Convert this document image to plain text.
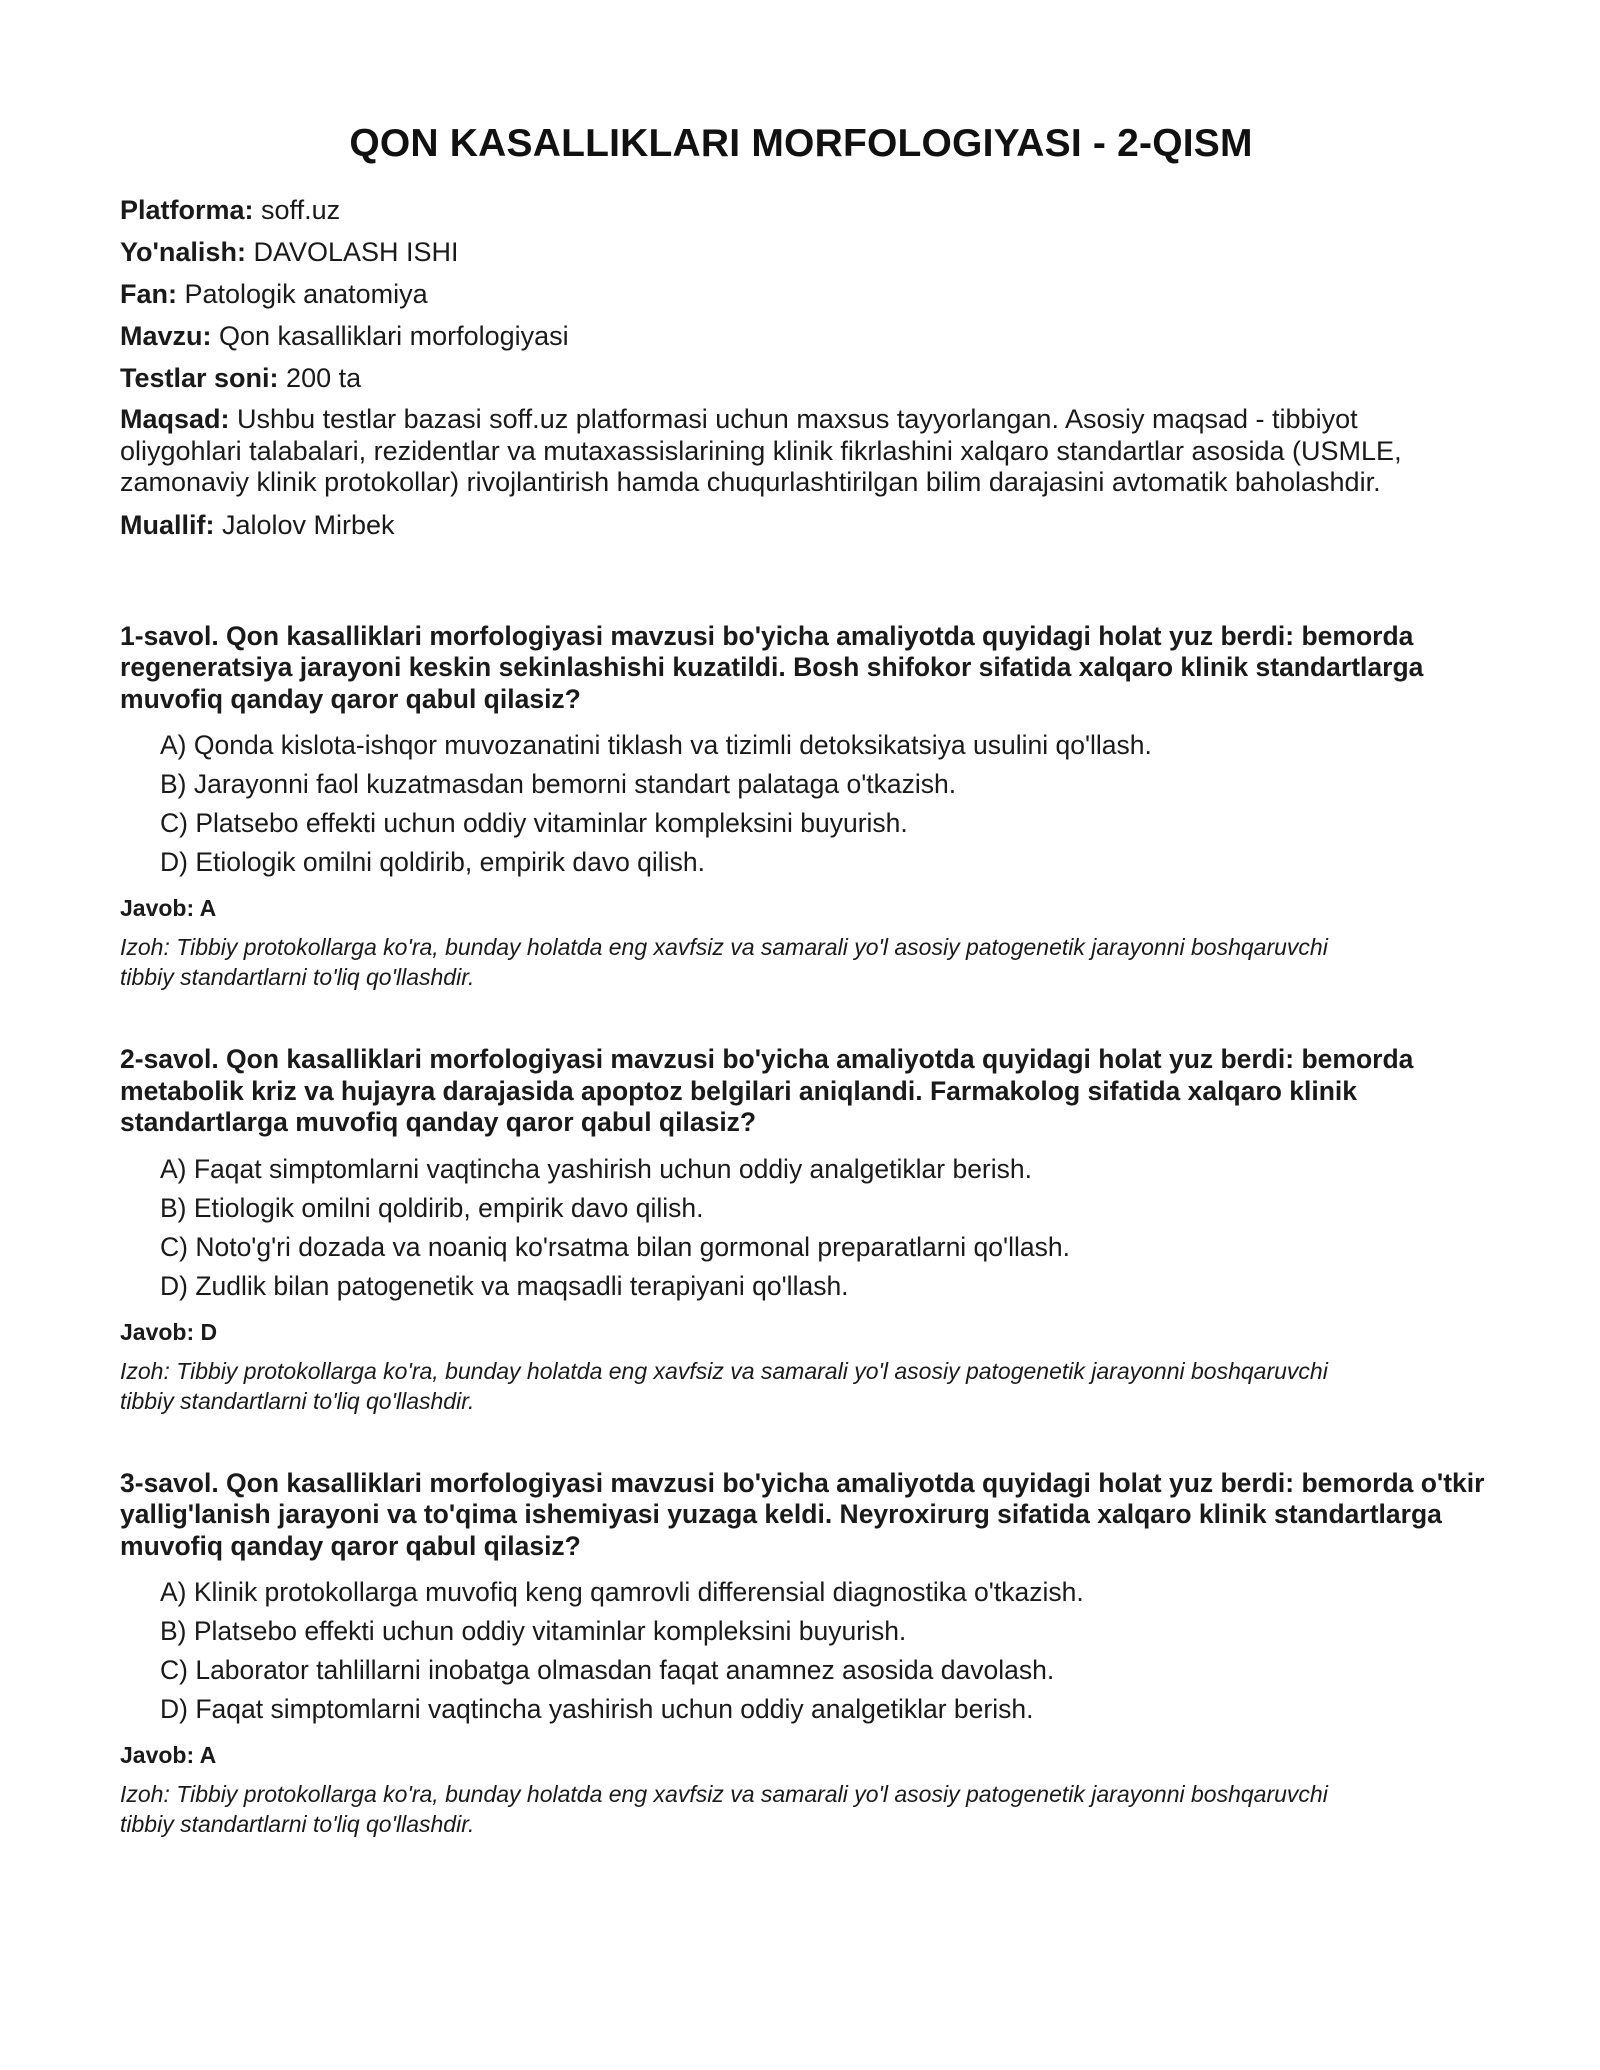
QON KASALLIKLARI MORFOLOGIYASI - 2-QISM
Platforma: soff.uz
Yo'nalish: DAVOLASH ISHI
Fan: Patologik anatomiya
Mavzu: Qon kasalliklari morfologiyasi
Testlar soni: 200 ta
Maqsad: Ushbu testlar bazasi soff.uz platformasi uchun maxsus tayyorlangan. Asosiy maqsad - tibbiyot oliygohlari talabalari, rezidentlar va mutaxassislarining klinik fikrlashini xalqaro standartlar asosida (USMLE, zamonaviy klinik protokollar) rivojlantirish hamda chuqurlashtirilgan bilim darajasini avtomatik baholashdir.
Muallif: Jalolov Mirbek
1-savol. Qon kasalliklari morfologiyasi mavzusi bo'yicha amaliyotda quyidagi holat yuz berdi: bemorda regeneratsiya jarayoni keskin sekinlashishi kuzatildi. Bosh shifokor sifatida xalqaro klinik standartlarga muvofiq qanday qaror qabul qilasiz?
A) Qonda kislota-ishqor muvozanatini tiklash va tizimli detoksikatsiya usulini qo'llash.
B) Jarayonni faol kuzatmasdan bemorni standart palataga o'tkazish.
C) Platsebo effekti uchun oddiy vitaminlar kompleksini buyurish.
D) Etiologik omilni qoldirib, empirik davo qilish.
Javob: A
Izoh: Tibbiy protokollarga ko'ra, bunday holatda eng xavfsiz va samarali yo'l asosiy patogenetik jarayonni boshqaruvchi tibbiy standartlarni to'liq qo'llashdir.
2-savol. Qon kasalliklari morfologiyasi mavzusi bo'yicha amaliyotda quyidagi holat yuz berdi: bemorda metabolik kriz va hujayra darajasida apoptoz belgilari aniqlandi. Farmakolog sifatida xalqaro klinik standartlarga muvofiq qanday qaror qabul qilasiz?
A) Faqat simptomlarni vaqtincha yashirish uchun oddiy analgetiklar berish.
B) Etiologik omilni qoldirib, empirik davo qilish.
C) Noto'g'ri dozada va noaniq ko'rsatma bilan gormonal preparatlarni qo'llash.
D) Zudlik bilan patogenetik va maqsadli terapiyani qo'llash.
Javob: D
Izoh: Tibbiy protokollarga ko'ra, bunday holatda eng xavfsiz va samarali yo'l asosiy patogenetik jarayonni boshqaruvchi tibbiy standartlarni to'liq qo'llashdir.
3-savol. Qon kasalliklari morfologiyasi mavzusi bo'yicha amaliyotda quyidagi holat yuz berdi: bemorda o'tkir yallig'lanish jarayoni va to'qima ishemiyasi yuzaga keldi. Neyroxirurg sifatida xalqaro klinik standartlarga muvofiq qanday qaror qabul qilasiz?
A) Klinik protokollarga muvofiq keng qamrovli differensial diagnostika o'tkazish.
B) Platsebo effekti uchun oddiy vitaminlar kompleksini buyurish.
C) Laborator tahlillarni inobatga olmasdan faqat anamnez asosida davolash.
D) Faqat simptomlarni vaqtincha yashirish uchun oddiy analgetiklar berish.
Javob: A
Izoh: Tibbiy protokollarga ko'ra, bunday holatda eng xavfsiz va samarali yo'l asosiy patogenetik jarayonni boshqaruvchi tibbiy standartlarni to'liq qo'llashdir.
